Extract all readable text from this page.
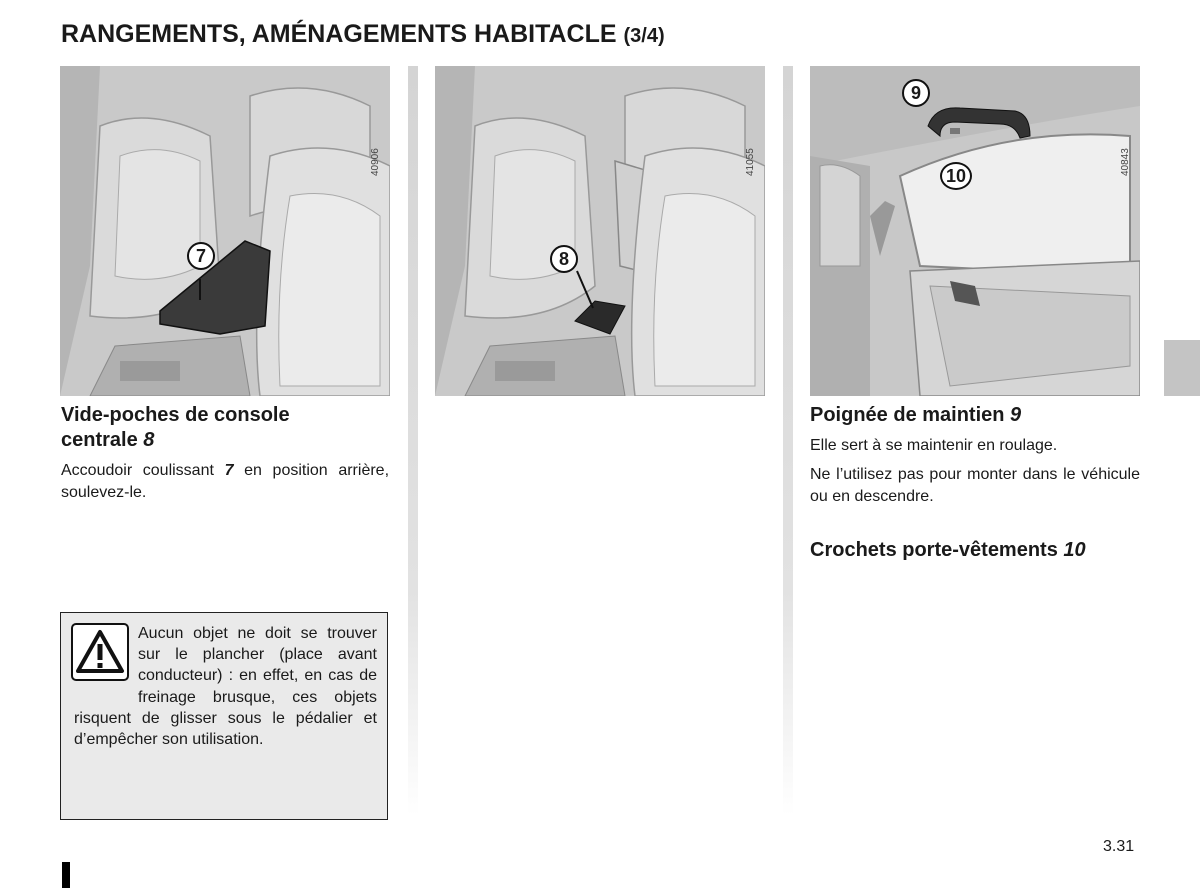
RANGEMENTS, AMÉNAGEMENTS HABITACLE (3/4)
7
40906
8
41055
9
10	40843
Vide-poches de console
centrale 8
Accoudoir coulissant 7 en position arrière, soulevez-le.
Aucun objet ne doit se trouver sur le plancher (place avant conducteur) : en effet, en cas de freinage brusque, ces objets risquent de glisser sous le pédalier et d’empêcher son utilisation.
Poignée de maintien 9
Elle sert à se maintenir en roulage.
Ne l’utilisez pas pour monter dans le véhicule ou en descendre.
Crochets porte-vêtements 10
3.31
